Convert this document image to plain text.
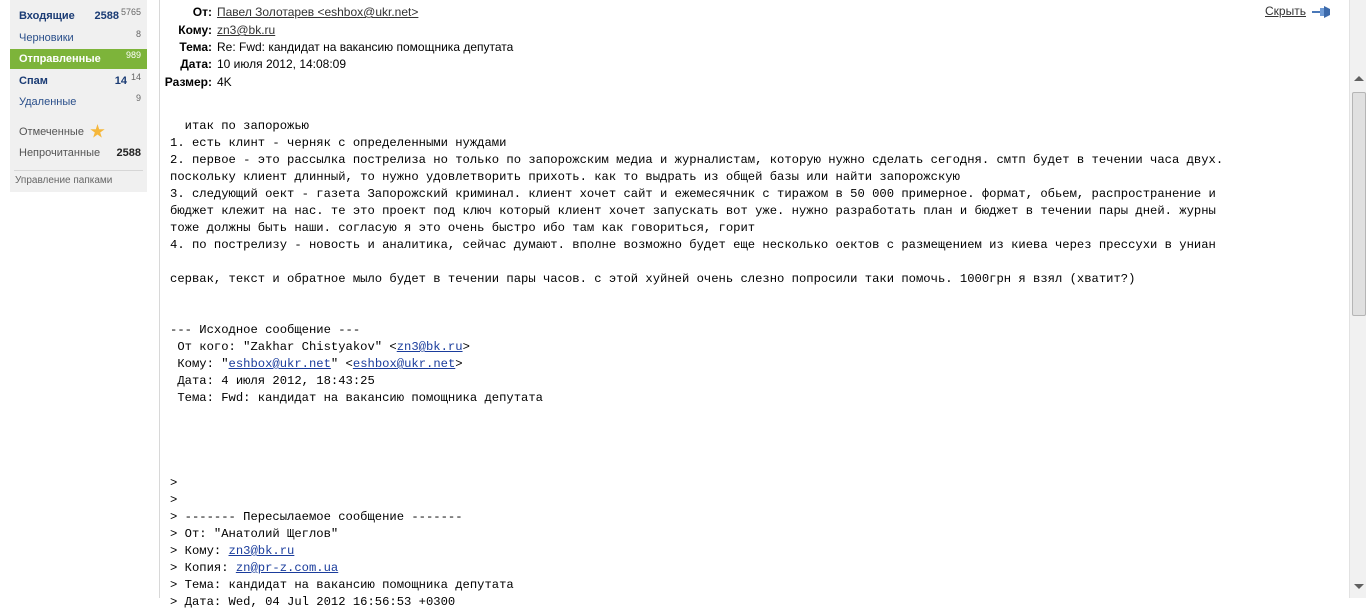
Входящие 2588 5765
Черновики	8
Отправленные	989
Спам	14 14
Удаленные	9
Отмеченные
Непрочитанные 2588
Управление папками
От: Павел Золотарев <eshbox@ukr.net>
Кому: zn3@bk.ru
Тема: Re: Fwd: кандидат на вакансию помощника депутата
Дата: 10 июля 2012, 14:08:09
Размер: 4K
Скрыть
итак по запорожью
1. есть клинт - черняк с определенными нуждами
2. первое - это рассылка пострелиза но только по запорожским медиа и журналистам, которую нужно сделать сегодня. смтп будет в течении часа двух.
поскольку клиент длинный, то нужно удовлетворить прихоть. как то выдрать из общей базы или найти запорожскую
3. следующий оект - газета Запорожский криминал. клиент хочет сайт и ежемесячник с тиражом в 50 000 примерное. формат, обьем, распространение и
бюджет клежит на нас. те это проект под ключ который клиент хочет запускать вот уже. нужно разработать план и бюджет в течении пары дней. журны
тоже должны быть наши. согласую я это очень быстро ибо там как говориться, горит
4. по пострелизу - новость и аналитика, сейчас думают. вполне возможно будет еще несколько оектов с размещением из киева через прессухи в униан
сервак, текст и обратное мыло будет в течении пары часов. с этой хуйней очень слезно попросили таки помочь. 1000грн я взял (хватит?)
--- Исходное сообщение ---
От кого: "Zakhar Chistyakov" <zn3@bk.ru>
Кому: "eshbox@ukr.net" <eshbox@ukr.net>
Дата: 4 июля 2012, 18:43:25
Тема: Fwd: кандидат на вакансию помощника депутата
>
>
> ------- Пересылаемое сообщение -------
> От: "Анатолий Щеглов"
> Кому: zn3@bk.ru
> Копия: zn@pr-z.com.ua
> Тема: кандидат на вакансию помощника депутата
> Дата: Wed, 04 Jul 2012 16:56:53 +0300
